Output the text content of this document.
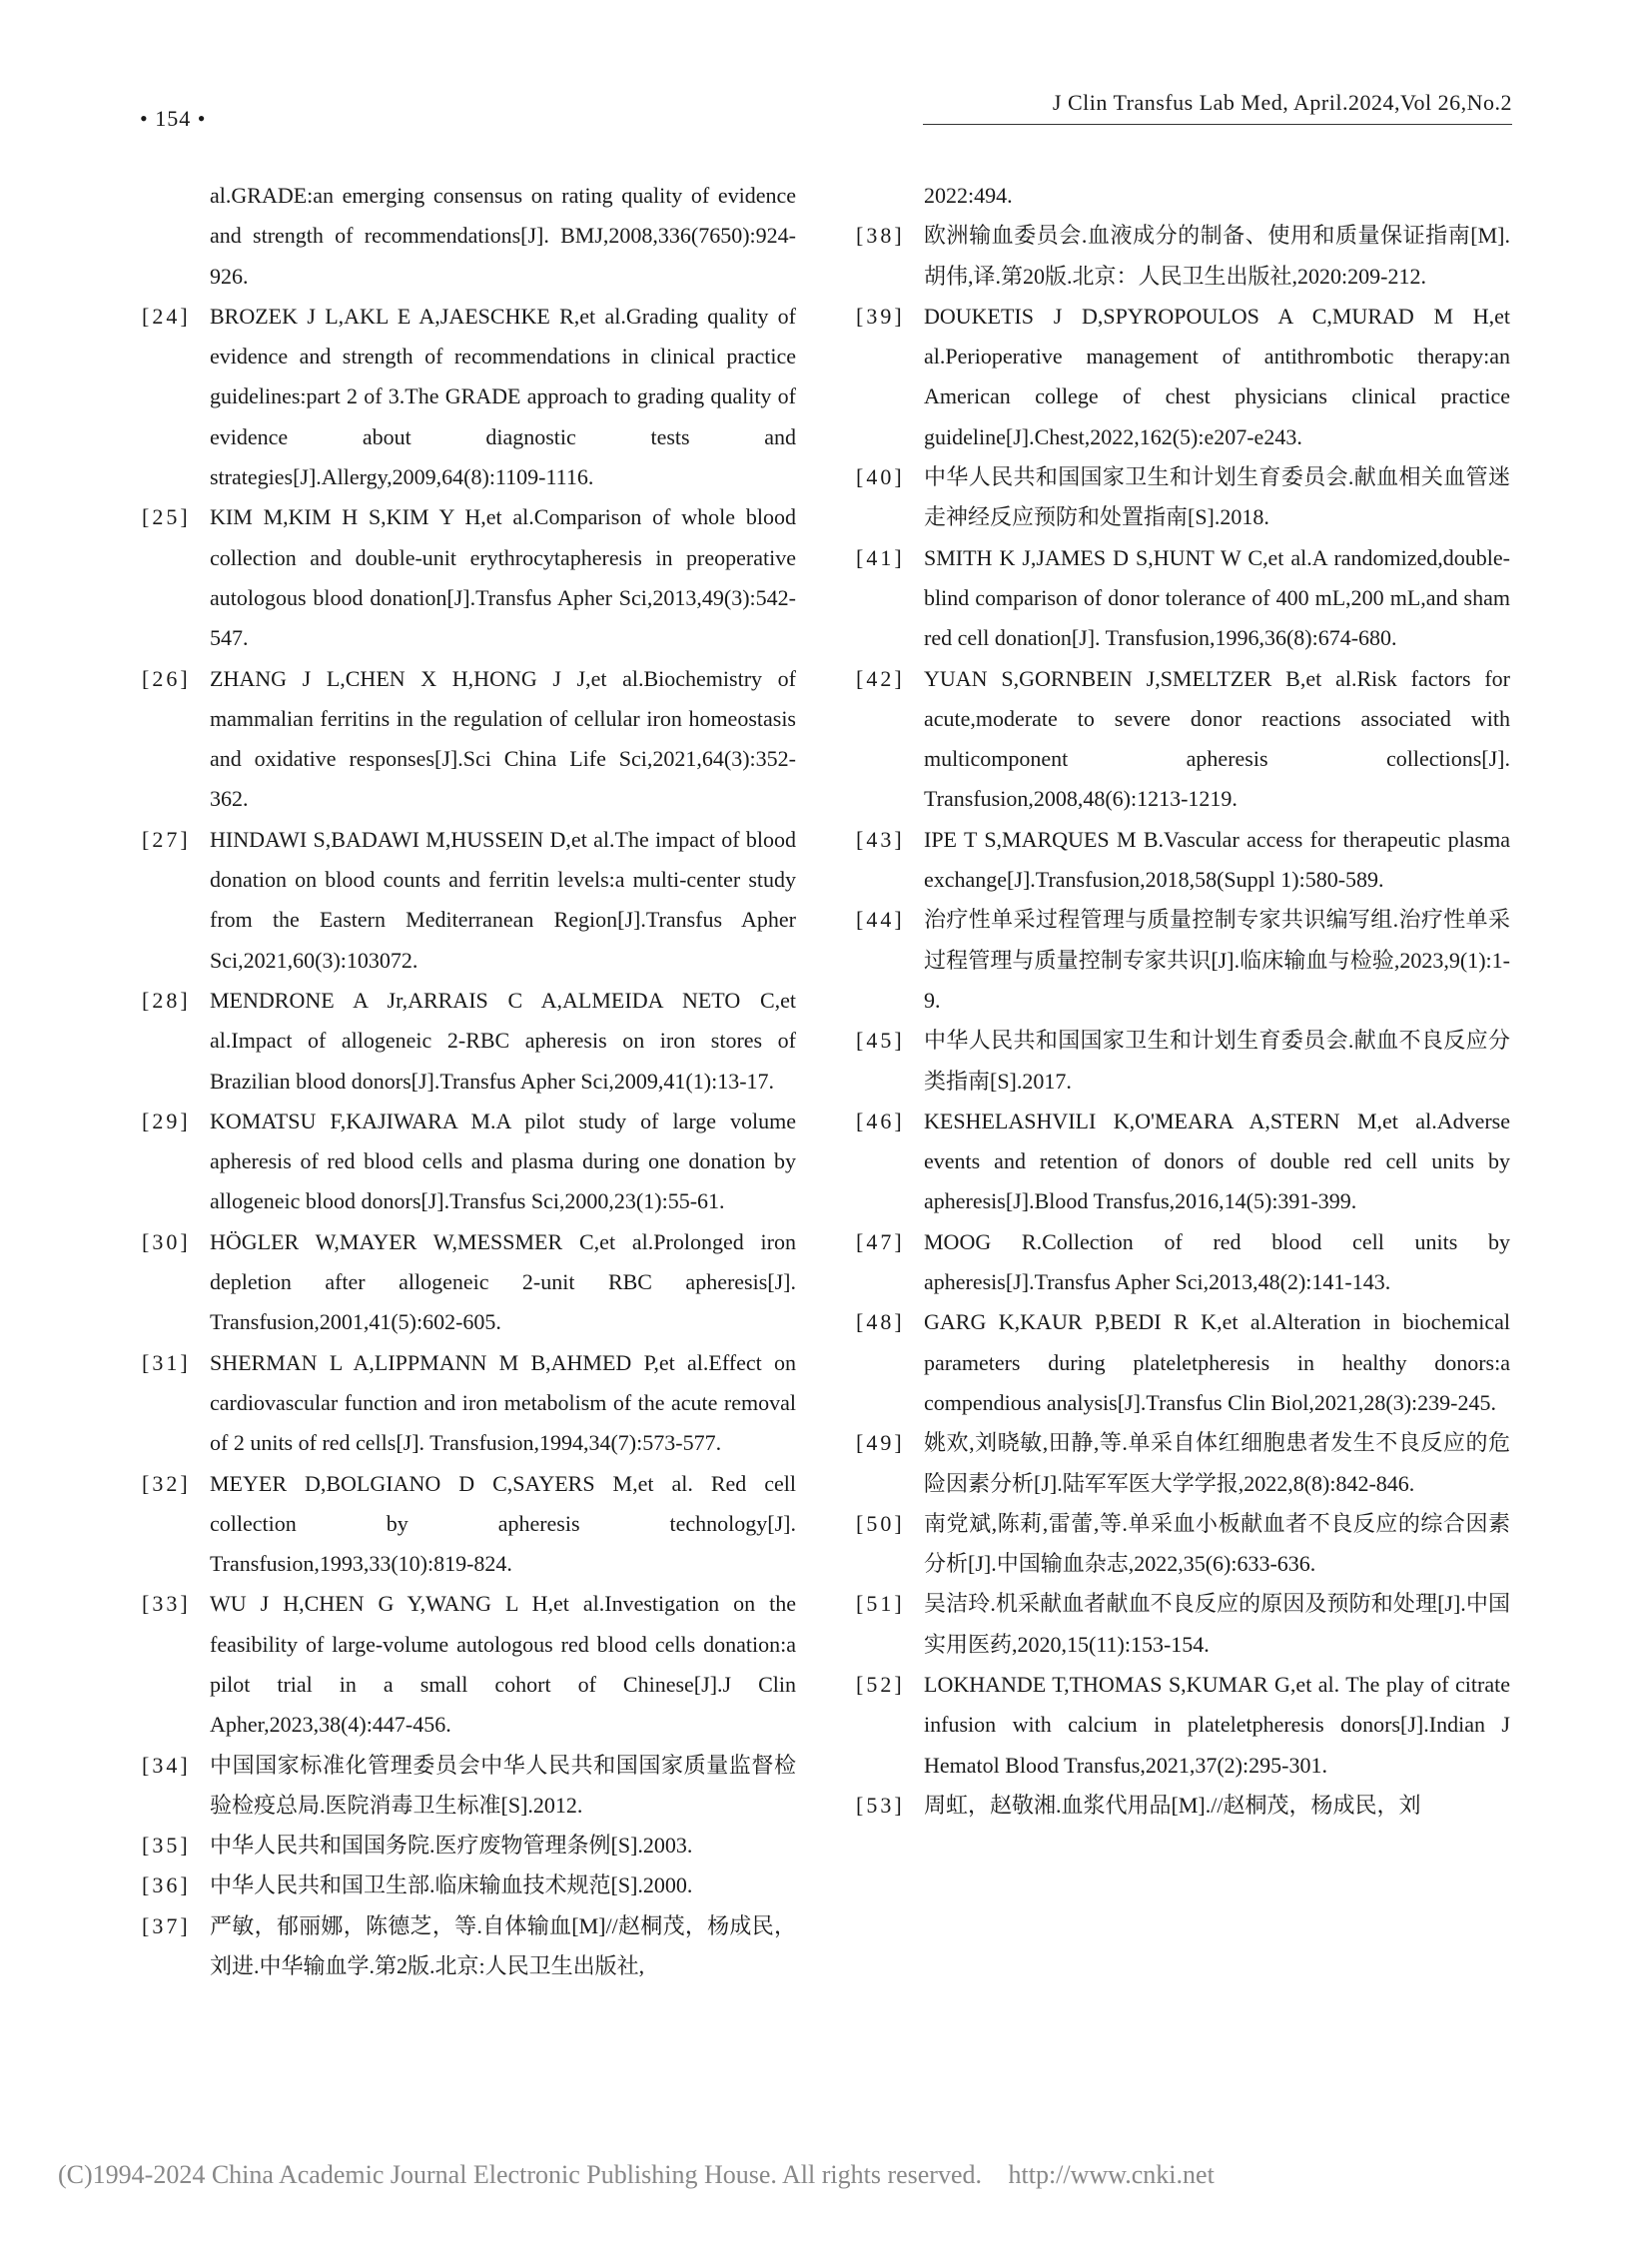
• 154 •
J Clin Transfus Lab Med, April.2024,Vol 26,No.2
al.GRADE:an emerging consensus on rating quality of evidence and strength of recommendations[J]. BMJ,2008,336(7650):924-926.
[24] BROZEK J L,AKL E A,JAESCHKE R,et al.Grading quality of evidence and strength of recommendations in clinical practice guidelines:part 2 of 3.The GRADE approach to grading quality of evidence about diagnostic tests and strategies[J].Allergy,2009,64(8):1109-1116.
[25] KIM M,KIM H S,KIM Y H,et al.Comparison of whole blood collection and double-unit erythrocytapheresis in preoperative autologous blood donation[J].Transfus Apher Sci,2013,49(3):542-547.
[26] ZHANG J L,CHEN X H,HONG J J,et al.Biochemistry of mammalian ferritins in the regulation of cellular iron homeostasis and oxidative responses[J].Sci China Life Sci,2021,64(3):352-362.
[27] HINDAWI S,BADAWI M,HUSSEIN D,et al.The impact of blood donation on blood counts and ferritin levels:a multi-center study from the Eastern Mediterranean Region[J].Transfus Apher Sci,2021,60(3):103072.
[28] MENDRONE A Jr,ARRAIS C A,ALMEIDA NETO C,et al.Impact of allogeneic 2-RBC apheresis on iron stores of Brazilian blood donors[J].Transfus Apher Sci,2009,41(1):13-17.
[29] KOMATSU F,KAJIWARA M.A pilot study of large volume apheresis of red blood cells and plasma during one donation by allogeneic blood donors[J].Transfus Sci,2000,23(1):55-61.
[30] HÖGLER W,MAYER W,MESSMER C,et al.Prolonged iron depletion after allogeneic 2-unit RBC apheresis[J]. Transfusion,2001,41(5):602-605.
[31] SHERMAN L A,LIPPMANN M B,AHMED P,et al.Effect on cardiovascular function and iron metabolism of the acute removal of 2 units of red cells[J]. Transfusion,1994,34(7):573-577.
[32] MEYER D,BOLGIANO D C,SAYERS M,et al. Red cell collection by apheresis technology[J]. Transfusion,1993,33(10):819-824.
[33] WU J H,CHEN G Y,WANG L H,et al.Investigation on the feasibility of large-volume autologous red blood cells donation:a pilot trial in a small cohort of Chinese[J].J Clin Apher,2023,38(4):447-456.
[34] 中国国家标准化管理委员会中华人民共和国国家质量监督检验检疫总局.医院消毒卫生标准[S].2012.
[35] 中华人民共和国国务院.医疗废物管理条例[S].2003.
[36] 中华人民共和国卫生部.临床输血技术规范[S].2000.
[37] 严敏，郁丽娜，陈德芝，等.自体输血[M]//赵桐茂，杨成民，刘进.中华输血学.第2版.北京:人民卫生出版社,
2022:494.
[38] 欧洲输血委员会.血液成分的制备、使用和质量保证指南[M].胡伟,译.第20版.北京：人民卫生出版社,2020:209-212.
[39] DOUKETIS J D,SPYROPOULOS A C,MURAD M H,et al.Perioperative management of antithrombotic therapy:an American college of chest physicians clinical practice guideline[J].Chest,2022,162(5):e207-e243.
[40] 中华人民共和国国家卫生和计划生育委员会.献血相关血管迷走神经反应预防和处置指南[S].2018.
[41] SMITH K J,JAMES D S,HUNT W C,et al.A randomized,double-blind comparison of donor tolerance of 400 mL,200 mL,and sham red cell donation[J]. Transfusion,1996,36(8):674-680.
[42] YUAN S,GORNBEIN J,SMELTZER B,et al.Risk factors for acute,moderate to severe donor reactions associated with multicomponent apheresis collections[J]. Transfusion,2008,48(6):1213-1219.
[43] IPE T S,MARQUES M B.Vascular access for therapeutic plasma exchange[J].Transfusion,2018,58(Suppl 1):580-589.
[44] 治疗性单采过程管理与质量控制专家共识编写组.治疗性单采过程管理与质量控制专家共识[J].临床输血与检验,2023,9(1):1-9.
[45] 中华人民共和国国家卫生和计划生育委员会.献血不良反应分类指南[S].2017.
[46] KESHELASHVILI K,O'MEARA A,STERN M,et al.Adverse events and retention of donors of double red cell units by apheresis[J].Blood Transfus,2016,14(5):391-399.
[47] MOOG R.Collection of red blood cell units by apheresis[J].Transfus Apher Sci,2013,48(2):141-143.
[48] GARG K,KAUR P,BEDI R K,et al.Alteration in biochemical parameters during plateletpheresis in healthy donors:a compendious analysis[J].Transfus Clin Biol,2021,28(3):239-245.
[49] 姚欢,刘晓敏,田静,等.单采自体红细胞患者发生不良反应的危险因素分析[J].陆军军医大学学报,2022,8(8):842-846.
[50] 南党斌,陈莉,雷蕾,等.单采血小板献血者不良反应的综合因素分析[J].中国输血杂志,2022,35(6):633-636.
[51] 吴洁玲.机采献血者献血不良反应的原因及预防和处理[J].中国实用医药,2020,15(11):153-154.
[52] LOKHANDE T,THOMAS S,KUMAR G,et al. The play of citrate infusion with calcium in plateletpheresis donors[J].Indian J Hematol Blood Transfus,2021,37(2):295-301.
[53] 周虹，赵敬湘.血浆代用品[M].//赵桐茂，杨成民，刘
(C)1994-2024 China Academic Journal Electronic Publishing House. All rights reserved. http://www.cnki.net
